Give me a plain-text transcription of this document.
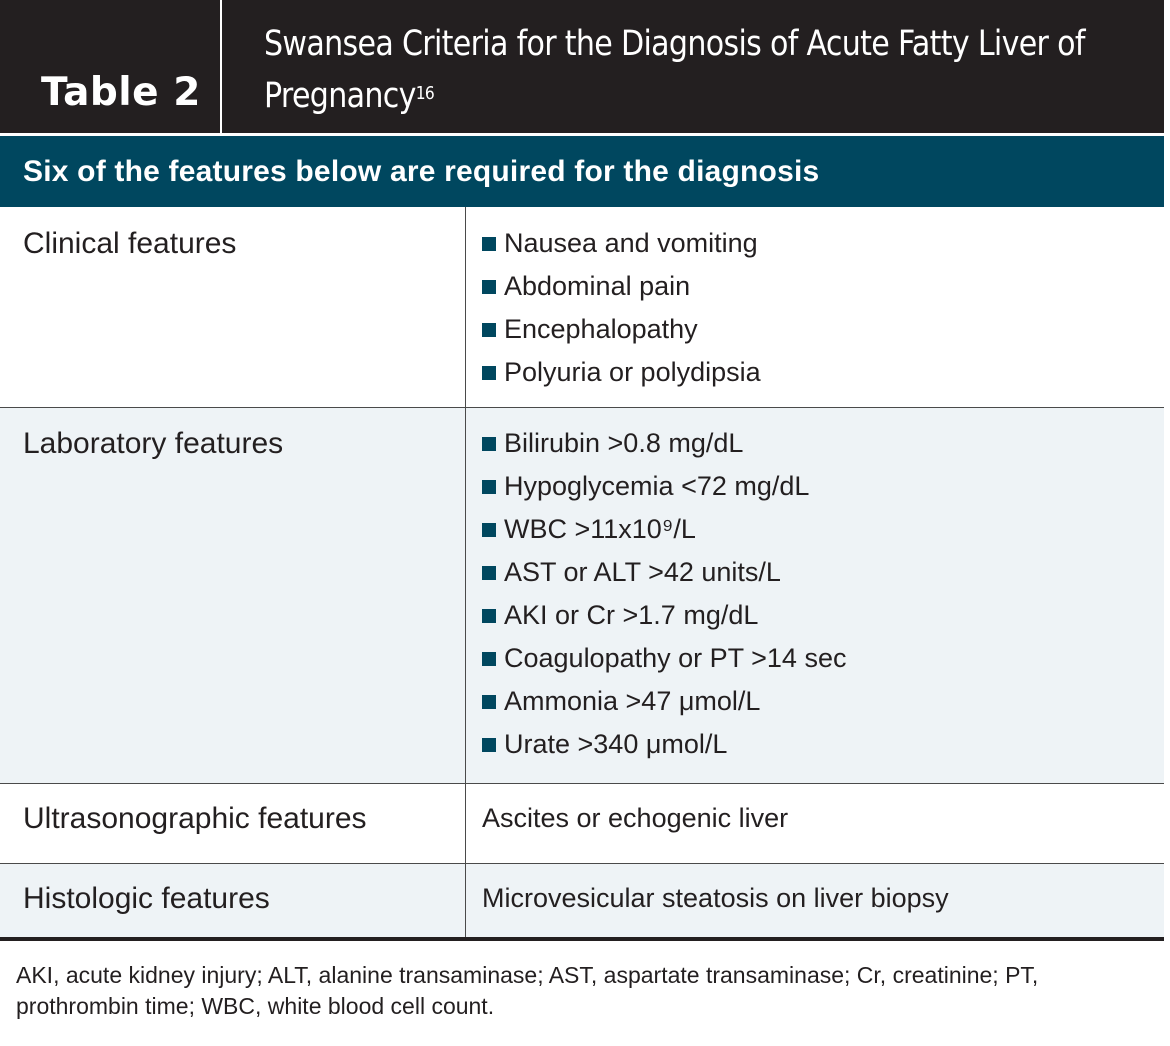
Table 2
Swansea Criteria for the Diagnosis of Acute Fatty Liver of Pregnancy$^{16}$
Six of the features below are required for the diagnosis
Clinical features	Nausea and vomiting
Abdominal pain
Encephalopathy
Polyuria or polydipsia
Laboratory features	Bilirubin >0.8 mg/dL
Hypoglycemia <72 mg/dL
WBC >11x10⁹/L
AST or ALT >42 units/L
AKI or Cr >1.7 mg/dL
Coagulopathy or PT >14 sec
Ammonia >47 μmol/L
Urate >340 μmol/L
Ultrasonographic features	Ascites or echogenic liver
Histologic features	Microvesicular steatosis on liver biopsy
AKI, acute kidney injury; ALT, alanine transaminase; AST, aspartate transaminase; Cr, creatinine; PT, prothrombin time; WBC, white blood cell count.
